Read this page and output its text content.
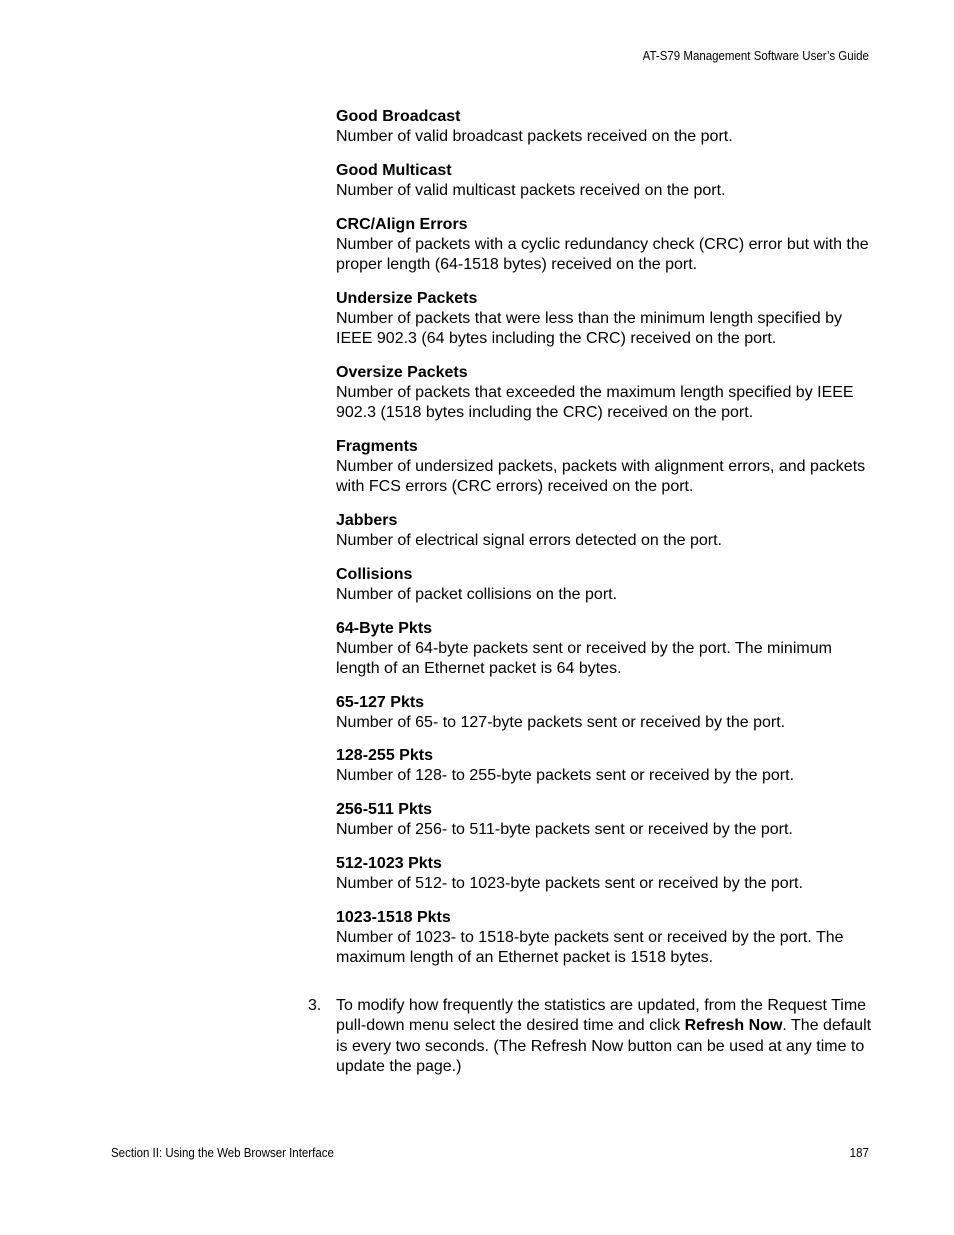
AT-S79 Management Software User’s Guide
Good Broadcast
Number of valid broadcast packets received on the port.
Good Multicast
Number of valid multicast packets received on the port.
CRC/Align Errors
Number of packets with a cyclic redundancy check (CRC) error but with the proper length (64-1518 bytes) received on the port.
Undersize Packets
Number of packets that were less than the minimum length specified by IEEE 902.3 (64 bytes including the CRC) received on the port.
Oversize Packets
Number of packets that exceeded the maximum length specified by IEEE 902.3 (1518 bytes including the CRC) received on the port.
Fragments
Number of undersized packets, packets with alignment errors, and packets with FCS errors (CRC errors) received on the port.
Jabbers
Number of electrical signal errors detected on the port.
Collisions
Number of packet collisions on the port.
64-Byte Pkts
Number of 64-byte packets sent or received by the port. The minimum length of an Ethernet packet is 64 bytes.
65-127 Pkts
Number of 65- to 127-byte packets sent or received by the port.
128-255 Pkts
Number of 128- to 255-byte packets sent or received by the port.
256-511 Pkts
Number of 256- to 511-byte packets sent or received by the port.
512-1023 Pkts
Number of 512- to 1023-byte packets sent or received by the port.
1023-1518 Pkts
Number of 1023- to 1518-byte packets sent or received by the port. The maximum length of an Ethernet packet is 1518 bytes.
3. To modify how frequently the statistics are updated, from the Request Time pull-down menu select the desired time and click Refresh Now. The default is every two seconds. (The Refresh Now button can be used at any time to update the page.)
Section II: Using the Web Browser Interface	187
